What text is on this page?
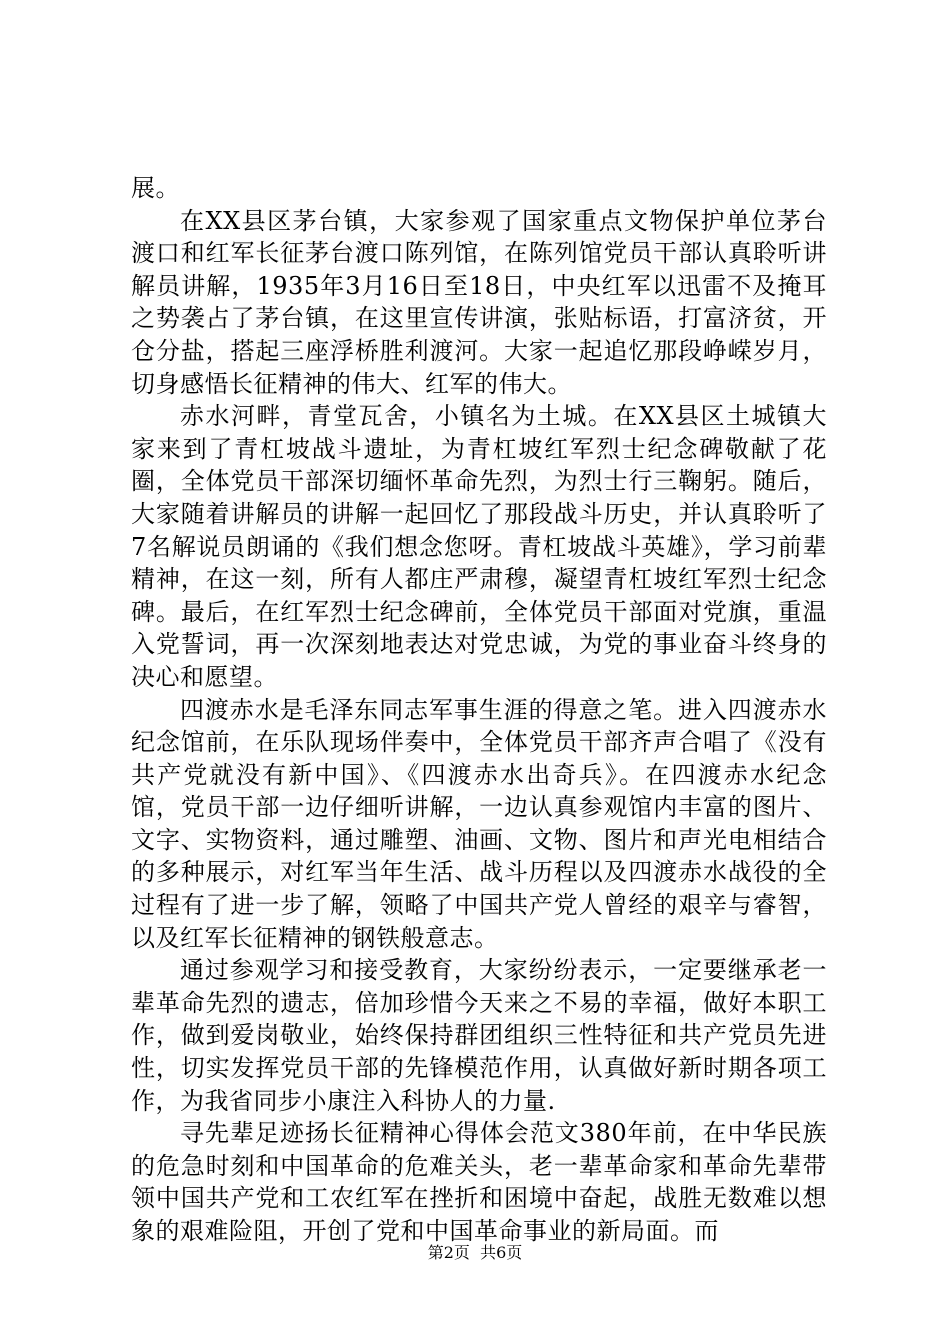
展。

在XX县区茅台镇，大家参观了国家重点文物保护单位茅台渡口和红军长征茅台渡口陈列馆，在陈列馆党员干部认真聆听讲解员讲解，1935年3月16日至18日，中央红军以迅雷不及掩耳之势袭占了茅台镇，在这里宣传讲演，张贴标语，打富济贫，开仓分盐，搭起三座浮桥胜利渡河。大家一起追忆那段峥嵘岁月，切身感悟长征精神的伟大、红军的伟大。

赤水河畔，青堂瓦舍，小镇名为土城。在XX县区土城镇大家来到了青杠坡战斗遗址，为青杠坡红军烈士纪念碑敬献了花圈，全体党员干部深切缅怀革命先烈，为烈士行三鞠躬。随后，大家随着讲解员的讲解一起回忆了那段战斗历史，并认真聆听了7名解说员朗诵的《我们想念您呀。青杠坡战斗英雄》，学习前辈精神，在这一刻，所有人都庄严肃穆，凝望青杠坡红军烈士纪念碑。最后，在红军烈士纪念碑前，全体党员干部面对党旗，重温入党誓词，再一次深刻地表达对党忠诚，为党的事业奋斗终身的决心和愿望。

四渡赤水是毛泽东同志军事生涯的得意之笔。进入四渡赤水纪念馆前，在乐队现场伴奏中，全体党员干部齐声合唱了《没有共产党就没有新中国》、《四渡赤水出奇兵》。在四渡赤水纪念馆，党员干部一边仔细听讲解，一边认真参观馆内丰富的图片、文字、实物资料，通过雕塑、油画、文物、图片和声光电相结合的多种展示，对红军当年生活、战斗历程以及四渡赤水战役的全过程有了进一步了解，领略了中国共产党人曾经的艰辛与睿智，以及红军长征精神的钢铁般意志。

通过参观学习和接受教育，大家纷纷表示，一定要继承老一辈革命先烈的遗志，倍加珍惜今天来之不易的幸福，做好本职工作，做到爱岗敬业，始终保持群团组织三性特征和共产党员先进性，切实发挥党员干部的先锋模范作用，认真做好新时期各项工作，为我省同步小康注入科协人的力量.

寻先辈足迹扬长征精神心得体会范文380年前，在中华民族的危急时刻和中国革命的危难关头，老一辈革命家和革命先辈带领中国共产党和工农红军在挫折和困境中奋起，战胜无数难以想象的艰难险阻，开创了党和中国革命事业的新局面。而

第2页  共6页
